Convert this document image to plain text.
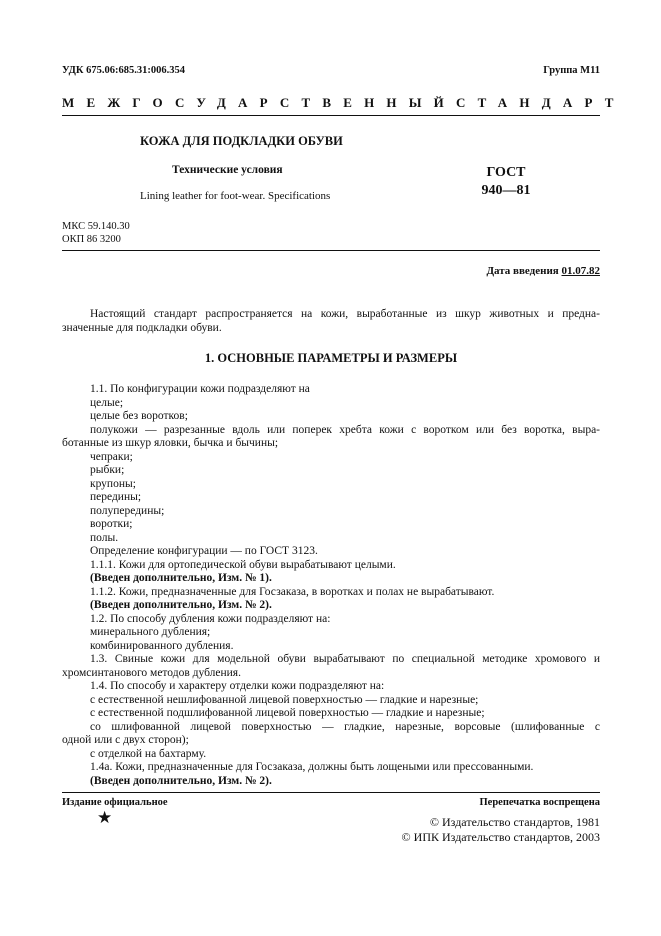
УДК 675.06:685.31:006.354	Группа М11
МЕЖГОСУДАРСТВЕННЫЙ СТАНДАРТ
КОЖА ДЛЯ ПОДКЛАДКИ ОБУВИ
Технические условия
Lining leather for foot-wear. Specifications
ГОСТ
940—81
МКС 59.140.30
ОКП 86 3200
Дата введения 01.07.82
Настоящий стандарт распространяется на кожи, выработанные из шкур животных и предна-
значенные для подкладки обуви.
1. ОСНОВНЫЕ ПАРАМЕТРЫ И РАЗМЕРЫ
1.1. По конфигурации кожи подразделяют на
целые;
целые без воротков;
полукожи — разрезанные вдоль или поперек хребта кожи с воротком или без воротка, выра-
ботанные из шкур яловки, бычка и бычины;
чепраки;
рыбки;
крупоны;
передины;
полупередины;
воротки;
полы.
Определение конфигурации — по ГОСТ 3123.
1.1.1. Кожи для ортопедической обуви вырабатывают целыми.
(Введен дополнительно, Изм. № 1).
1.1.2. Кожи, предназначенные для Госзаказа, в воротках и полах не вырабатывают.
(Введен дополнительно, Изм. № 2).
1.2. По способу дубления кожи подразделяют на:
минерального дубления;
комбинированного дубления.
1.3. Свиные кожи для модельной обуви вырабатывают по специальной методике хромового и
хромсинтанового методов дубления.
1.4. По способу и характеру отделки кожи подразделяют на:
с естественной нешлифованной лицевой поверхностью — гладкие и нарезные;
с естественной подшлифованной лицевой поверхностью — гладкие и нарезные;
со шлифованной лицевой поверхностью — гладкие, нарезные, ворсовые (шлифованные с
одной или с двух сторон);
с отделкой на бахтарму.
1.4а. Кожи, предназначенные для Госзаказа, должны быть лощеными или прессованными.
(Введен дополнительно, Изм. № 2).
Издание официальное	Перепечатка воспрещена
★	© Издательство стандартов, 1981
© ИПК Издательство стандартов, 2003
